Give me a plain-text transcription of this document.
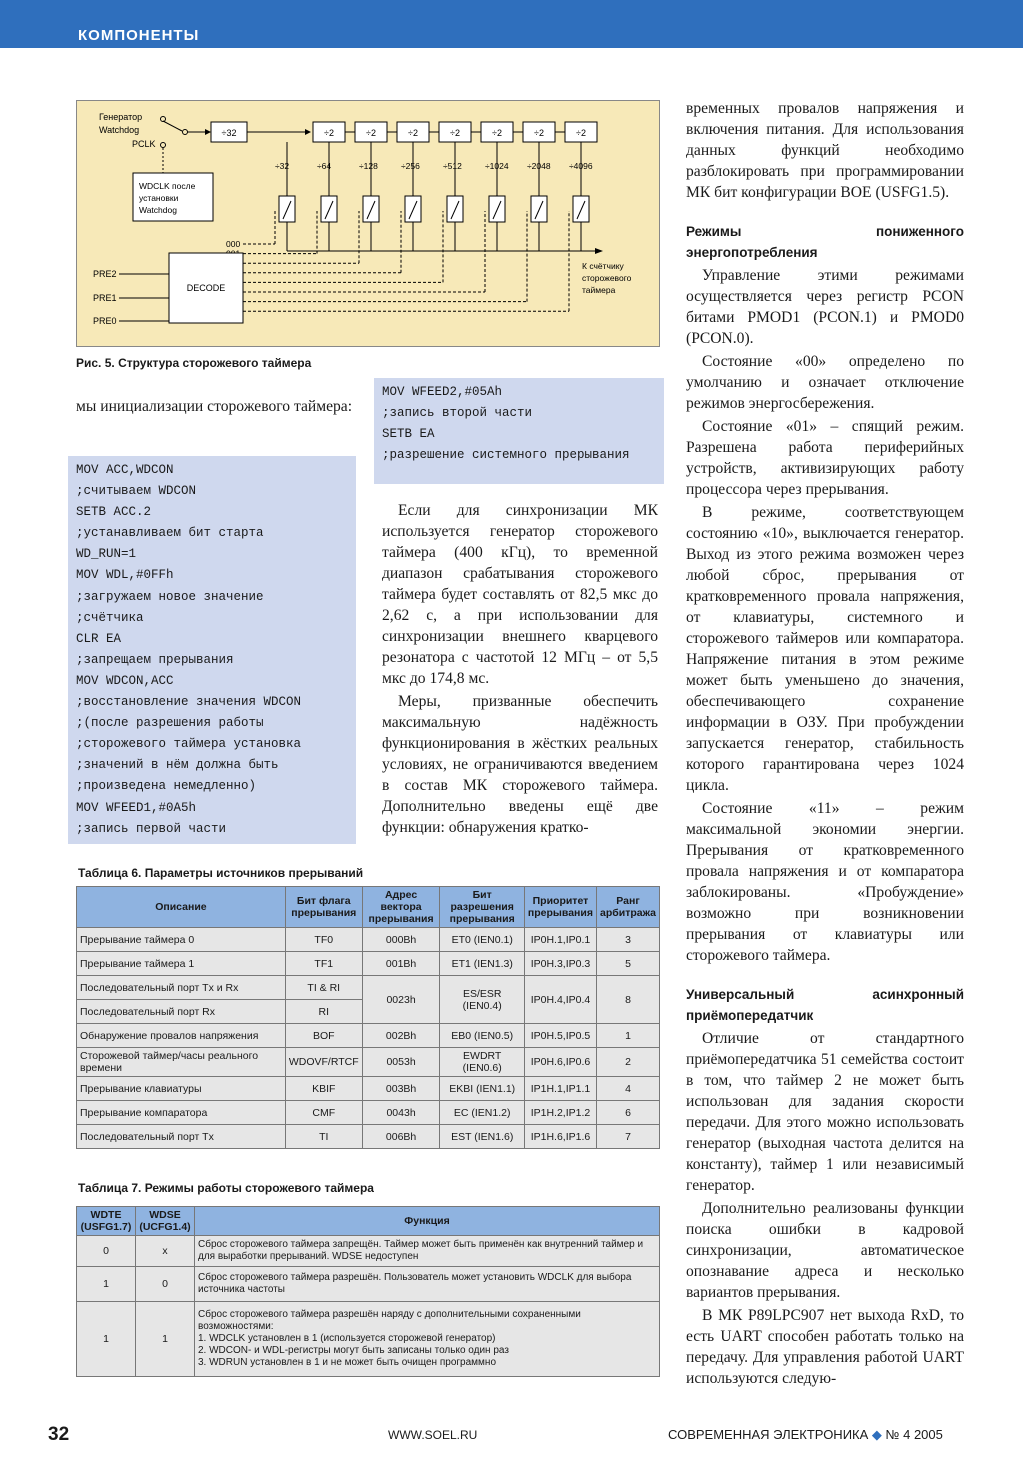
КОМПОНЕНТЫ
Генератор
Watchdog
PCLK
÷32	÷2	÷2	÷2	÷2	÷2	÷2	÷2
÷32	÷64	÷128	÷256	÷512	÷1024 ÷2048 ÷4096
000
WDCLK после
установки
Watchdog
DECODE
PRE2
PRE1
PRE0
К счётчику
сторожевого
таймера
Рис. 5. Структура сторожевого таймера

мы инициализации сторожевого таймера:

MOV ACC,WDCON
;считываем WDCON
SETB ACC.2
;устанавливаем бит старта
WD_RUN=1
MOV WDL,#0FFh
;загружаем новое значение
;счётчика
CLR EA
;запрещаем прерывания
MOV WDCON,ACC
;восстановление значения WDCON
;(после разрешения работы
;сторожевого таймера установка
;значений в нём должна быть
;произведена немедленно)
MOV WFEED1,#0A5h
;запись первой части
MOV WFEED2,#05Ah
;запись второй части
SETB EA
;разрешение системного прерывания

Если для синхронизации МК используется генератор сторожевого таймера (400 кГц), то временной диапазон срабатывания сторожевого таймера будет составлять от 82,5 мкс до 2,62 с, а при использовании для синхронизации внешнего кварцевого резонатора с частотой 12 МГц – от 5,5 мкс до 174,8 мс.

Меры, призванные обеспечить максимальную надёжность функционирования в жёстких реальных условиях, не ограничиваются введением в состав МК сторожевого таймера. Дополнительно введены ещё две функции: обнаружения кратко-

временных провалов напряжения и включения питания. Для использования данных функций необходимо разблокировать при программировании МК бит конфигурации BOE (USFG1.5).

Режимы пониженного энергопотребления

Управление этими режимами осуществляется через регистр PCON битами PMOD1 (PCON.1) и PMOD0 (PCON.0).

Состояние «00» определено по умолчанию и означает отключение режимов энергосбережения.

Состояние «01» – спящий режим. Разрешена работа периферийных устройств, активизирующих работу процессора через прерывания.

В режиме, соответствующем состоянию «10», выключается генератор. Выход из этого режима возможен через любой сброс, прерывания от кратковременного провала напряжения, от клавиатуры, системного и сторожевого таймеров или компаратора. Напряжение питания в этом режиме может быть уменьшено до значения, обеспечивающего сохранение информации в ОЗУ. При пробуждении запускается генератор, стабильность которого гарантирована через 1024 цикла.

Состояние «11» – режим максимальной экономии энергии. Прерывания от кратковременного провала напряжения и от компаратора заблокированы. «Пробуждение» возможно при возникновении прерывания от клавиатуры или сторожевого таймера.

Универсальный асинхронный приёмопередатчик

Отличие от стандартного приёмопередатчика 51 семейства состоит в том, что таймер 2 не может быть использован для задания скорости передачи. Для этого можно использовать генератор (выходная частота делится на константу), таймер 1 или независимый генератор.

Дополнительно реализованы функции поиска ошибки в кадровой синхронизации, автоматическое опознавание адреса и несколько вариантов прерывания.

В МК P89LPC907 нет выхода RxD, то есть UART способен работать только на передачу. Для управления работой UART используются следую-

Таблица 6. Параметры источников прерываний
Описание	Бит флага прерывания	Адрес вектора прерывания	Бит разрешения прерывания	Приоритет прерывания	Ранг арбитража
Прерывание таймера 0	TF0	000Bh	ET0 (IEN0.1)	IP0H.1,IP0.1	3
Прерывание таймера 1	TF1	001Bh	ET1 (IEN1.3)	IP0H.3,IP0.3	5
Последовательный порт Tx и Rx	TI & RI	0023h	ES/ESR (IEN0.4)	IP0H.4,IP0.4	8
Последовательный порт Rx	RI				
Обнаружение провалов напряжения	BOF	002Bh	EB0 (IEN0.5)	IP0H.5,IP0.5	1
Сторожевой таймер/часы реального времени	WDOVF/RTCF	0053h	EWDRT (IEN0.6)	IP0H.6,IP0.6	2
Прерывание клавиатуры	KBIF	003Bh	EKBI (IEN1.1)	IP1H.1,IP1.1	4
Прерывание компаратора	CMF	0043h	EC (IEN1.2)	IP1H.2,IP1.2	6
Последовательный порт Tx	TI	006Bh	EST (IEN1.6)	IP1H.6,IP1.6	7
Таблица 7. Режимы работы сторожевого таймера
WDTE (USFG1.7)	WDSE (UCFG1.4)	Функция
0	x	Сброс сторожевого таймера запрещён. Таймер может быть применён как внутренний таймер и для выработки прерываний. WDSE недоступен
1	0	Сброс сторожевого таймера разрешён. Пользователь может установить WDCLK для выбора источника частоты
1	1	Сброс сторожевого таймера разрешён наряду с дополнительными сохраненными возможностями:
1. WDCLK установлен в 1 (используется сторожевой генератор)
2. WDCON- и WDL-регистры могут быть записаны только один раз
3. WDRUN установлен в 1 и не может быть очищен программно
32	WWW.SOEL.RU	СОВРЕМЕННАЯ ЭЛЕКТРОНИКА ◆ № 4 2005
